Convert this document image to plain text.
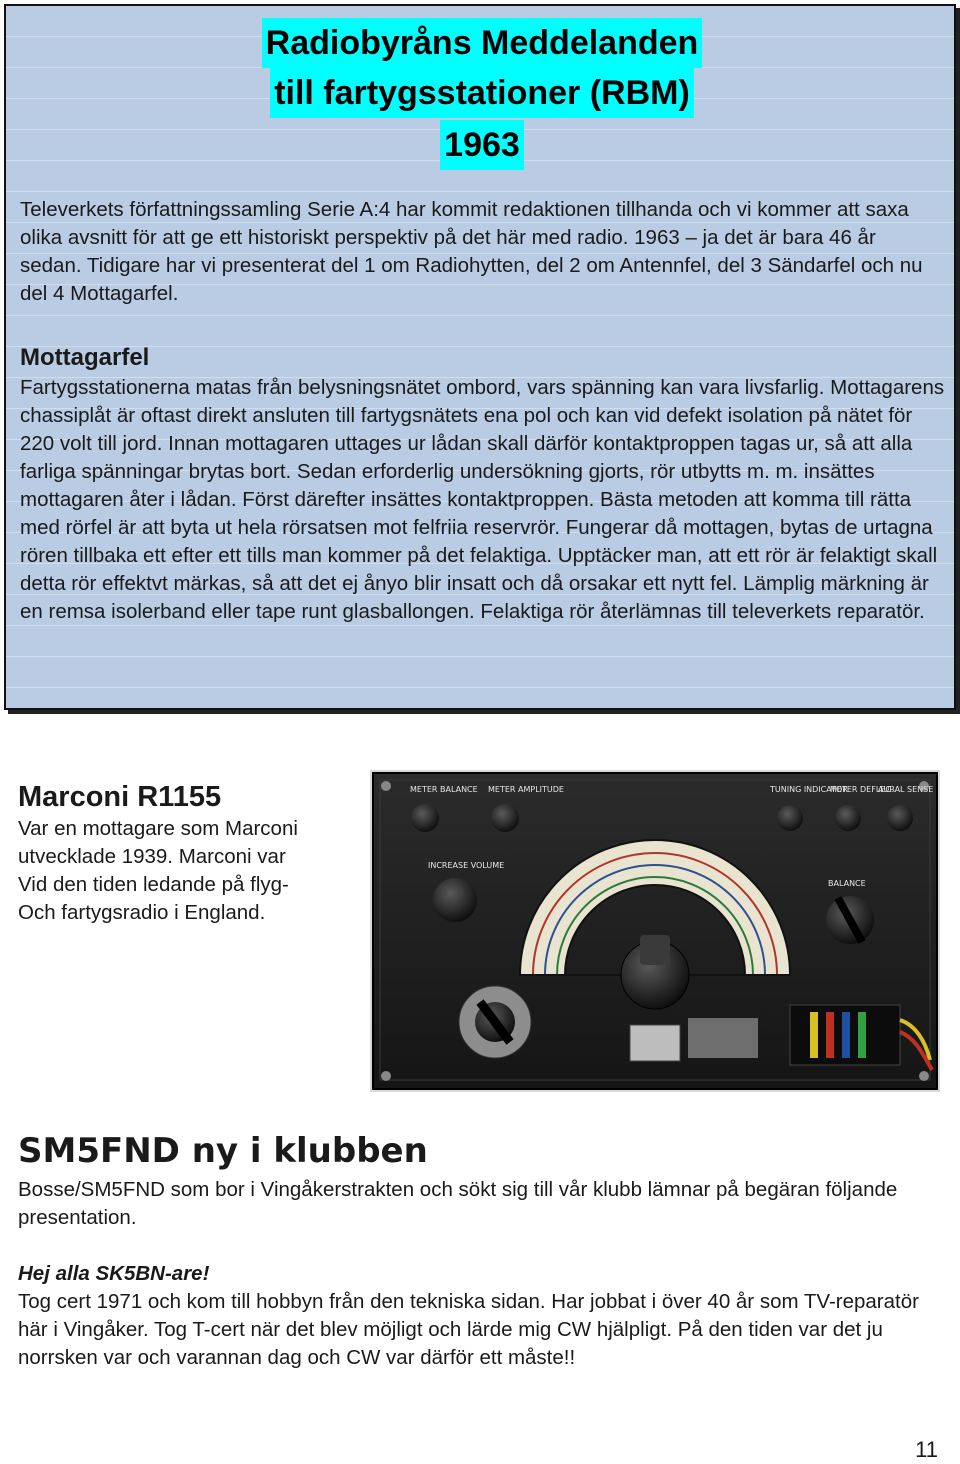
Radiobyråns Meddelanden
till fartygsstationer (RBM)
1963

Televerkets författningssamling Serie A:4 har kommit redaktionen tillhanda och vi kommer att saxa olika avsnitt för att ge ett historiskt perspektiv på det här med radio. 1963 – ja det är bara 46 år sedan. Tidigare har vi presenterat del 1 om Radiohytten, del 2 om Antennfel, del 3 Sändarfel och nu del 4 Mottagarfel.

Mottagarfel

Fartygsstationerna matas från belysningsnätet ombord, vars spänning kan vara livsfarlig. Mottagarens chassiplåt är oftast direkt ansluten till fartygsnätets ena pol och kan vid defekt isolation på nätet för 220 volt till jord. Innan mottagaren uttages ur lådan skall därför kontaktproppen tagas ur, så att alla farliga spänningar brytas bort. Sedan erforderlig undersökning gjorts, rör utbytts m. m. insättes mottagaren åter i lådan. Först därefter insättes kontaktproppen. Bästa metoden att komma till rätta med rörfel är att byta ut hela rörsatsen mot felfriia reservrör. Fungerar då mottagen, bytas de urtagna rören tillbaka ett efter ett tills man kommer på det felaktiga. Upptäcker man, att ett rör är felaktigt skall detta rör effektvt märkas, så att det ej ånyo blir insatt och då orsakar ett nytt fel. Lämplig märkning är en remsa isolerband eller tape runt glasballongen. Felaktiga rör återlämnas till televerkets reparatör.

Marconi R1155

Var en mottagare som Marconi
utvecklade 1939. Marconi var
Vid den tiden ledande på flyg-
Och fartygsradio i England.

METER BALANCE METER AMPLITUDE	TUNING INDICATOR
METER DEFLEC.
AURAL SENSE
INCREASE VOLUME
BALANCE
SM5FND ny i klubben

Bosse/SM5FND som bor i Vingåkerstrakten och sökt sig till vår klubb lämnar på begäran följande presentation.

Hej alla SK5BN-are!

Tog cert 1971 och kom till hobbyn från den tekniska sidan. Har jobbat i över 40 år som TV-reparatör här i Vingåker. Tog T-cert när det blev möjligt och lärde mig CW hjälpligt. På den tiden var det ju norrsken var och varannan dag och CW var därför ett måste!!

11
